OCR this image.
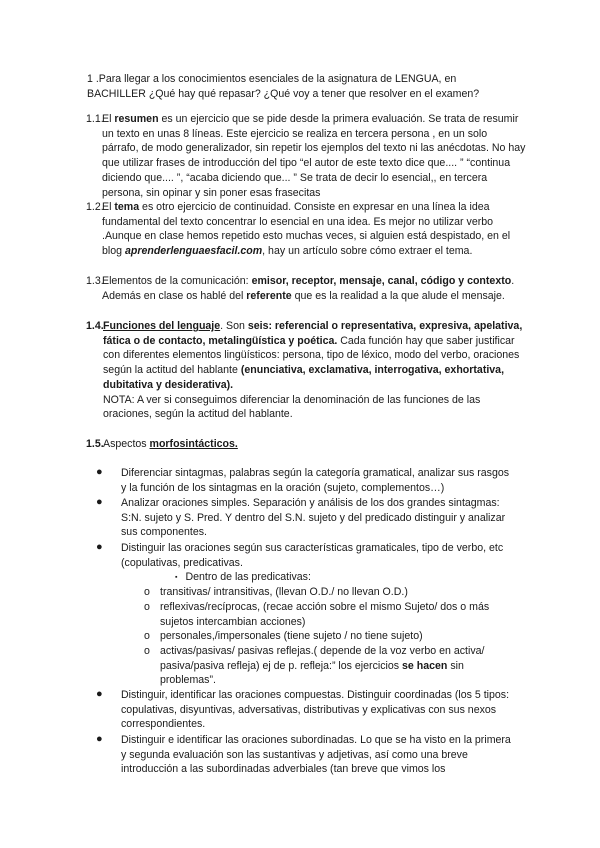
1 .Para llegar a los conocimientos esenciales de la asignatura de LENGUA, en BACHILLER ¿Qué hay qué repasar? ¿Qué voy a tener que resolver en el examen?
1.1.
El resumen es un ejercicio que se pide desde la primera evaluación. Se trata de resumir un texto en unas 8 líneas. Este ejercicio se realiza en tercera persona , en un solo párrafo, de modo generalizador, sin repetir los ejemplos del texto ni las anécdotas. No hay que utilizar frases de introducción del tipo “el autor de este texto dice que.... ” “continua diciendo que.... ”, “acaba diciendo que... ” Se trata de decir lo esencial,, en tercera persona, sin opinar y sin poner esas frasecitas
1.2.
El tema es otro ejercicio de continuidad. Consiste en expresar en una línea la idea fundamental del texto concentrar lo esencial en una idea. Es mejor no utilizar verbo .Aunque en clase hemos repetido esto muchas veces, si alguien está despistado, en el blog aprenderlenguaesfacil.com, hay un artículo sobre cómo extraer el tema.
1.3.
Elementos de la comunicación: emisor, receptor, mensaje, canal, código y contexto. Además en clase os hablé del referente que es la realidad a la que alude el mensaje.
1.4. Funciones del lenguaje. Son seis: referencial o representativa, expresiva, apelativa, fática o de contacto, metalingüística y poética. Cada función hay que saber justificar con diferentes elementos lingüísticos: persona, tipo de léxico, modo del verbo, oraciones según la actitud del hablante (enunciativa, exclamativa, interrogativa, exhortativa, dubitativa y desiderativa).
NOTA: A ver si conseguimos diferenciar la denominación de las funciones de las oraciones, según la actitud del hablante.
1.5. Aspectos morfosintácticos.
● Diferenciar sintagmas, palabras según la categoría gramatical, analizar sus rasgos y la función de los sintagmas en la oración (sujeto, complementos…)
● Analizar oraciones simples. Separación y análisis de los dos grandes sintagmas: S:N. sujeto y S. Pred. Y dentro del S.N. sujeto y del predicado distinguir y analizar sus componentes.
● Distinguir las oraciones según sus características gramaticales, tipo de verbo, etc (copulativas, predicativas.
▪ Dentro de las predicativas:
o transitivas/ intransitivas, (llevan O.D./ no llevan O.D.)
o reflexivas/recíprocas, (recae acción sobre el mismo Sujeto/ dos o más sujetos intercambian acciones)
o personales,/impersonales (tiene sujeto / no tiene sujeto)
o activas/pasivas/ pasivas reflejas.( depende de la voz verbo en activa/ pasiva/pasiva refleja) ej de p. refleja:” los ejercicios se hacen sin problemas”.
● Distinguir, identificar las oraciones compuestas. Distinguir coordinadas (los 5 tipos: copulativas, disyuntivas, adversativas, distributivas y explicativas con sus nexos correspondientes.
● Distinguir e identificar las oraciones subordinadas. Lo que se ha visto en la primera y segunda evaluación son las sustantivas y adjetivas, así como una breve introducción a las subordinadas adverbiales (tan breve que vimos los
